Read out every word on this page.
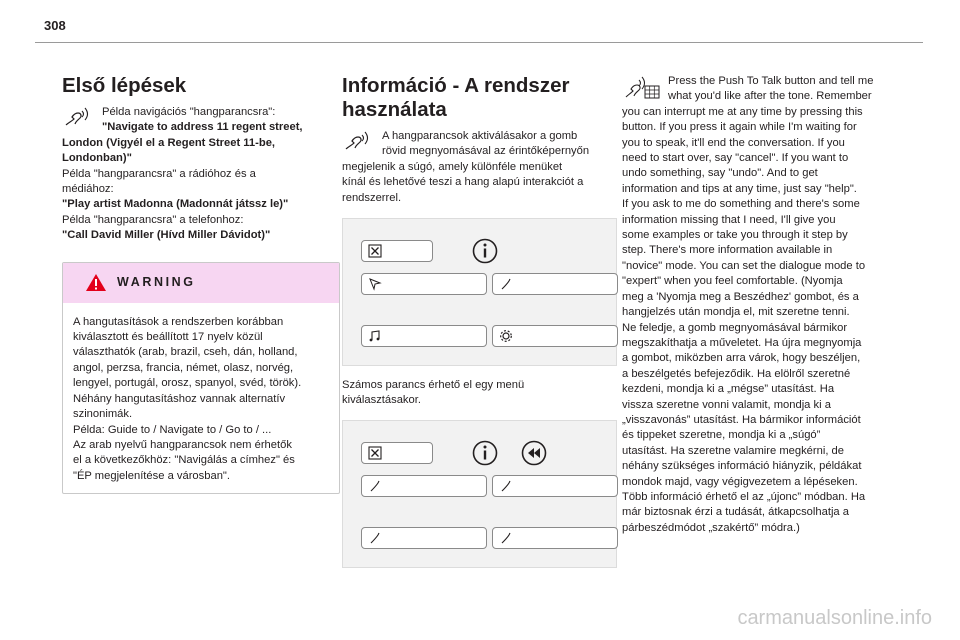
308
Első lépések
Példa navigációs "hangparancsra":
"Navigate to address 11 regent street,
London (Vigyél el a Regent Street 11-be,
Londonban)"
Példa "hangparancsra" a rádióhoz és a
médiához:
"Play artist Madonna (Madonnát játssz le)"
Példa "hangparancsra" a telefonhoz:
"Call David Miller (Hívd Miller Dávidot)"
WARNING
A hangutasítások a rendszerben korábban
kiválasztott és beállított 17 nyelv közül
választhatók (arab, brazil, cseh, dán, holland,
angol, perzsa, francia, német, olasz, norvég,
lengyel, portugál, orosz, spanyol, svéd, török).
Néhány hangutasításhoz vannak alternatív
szinonimák.
Példa: Guide to / Navigate to / Go to / ...
Az arab nyelvű hangparancsok nem érhetők
el a következőkhöz: "Navigálás a címhez" és
"ÉP megjelenítése a városban".
Információ - A rendszer használata
A hangparancsok aktiválásakor a gomb
rövid megnyomásával az érintőképernyőn
megjelenik a súgó, amely különféle menüket
kínál és lehetővé teszi a hang alapú interakciót a
rendszerrel.
Számos parancs érhető el egy menü
kiválasztásakor.
Press the Push To Talk button and tell me
what you'd like after the tone. Remember
you can interrupt me at any time by pressing this
button. If you press it again while I'm waiting for
you to speak, it'll end the conversation. If you
need to start over, say "cancel". If you want to
undo something, say "undo". And to get
information and tips at any time, just say "help".
If you ask to me do something and there's some
information missing that I need, I'll give you
some examples or take you through it step by
step. There's more information available in
"novice" mode. You can set the dialogue mode to
"expert" when you feel comfortable. (Nyomja
meg a 'Nyomja meg a Beszédhez' gombot, és a
hangjelzés után mondja el, mit szeretne tenni.
Ne feledje, a gomb megnyomásával bármikor
megszakíthatja a műveletet. Ha újra megnyomja
a gombot, miközben arra várok, hogy beszéljen,
a beszélgetés befejeződik. Ha elölről szeretné
kezdeni, mondja ki a „mégse” utasítást. Ha
vissza szeretne vonni valamit, mondja ki a
„visszavonás” utasítást. Ha bármikor információt
és tippeket szeretne, mondja ki a „súgó”
utasítást. Ha szeretne valamire megkérni, de
néhány szükséges információ hiányzik, példákat
mondok majd, vagy végigvezetem a lépéseken.
Több információ érhető el az „újonc” módban. Ha
már biztosnak érzi a tudását, átkapcsolhatja a
párbeszédmódot „szakértő” módra.)
carmanualsonline.info
